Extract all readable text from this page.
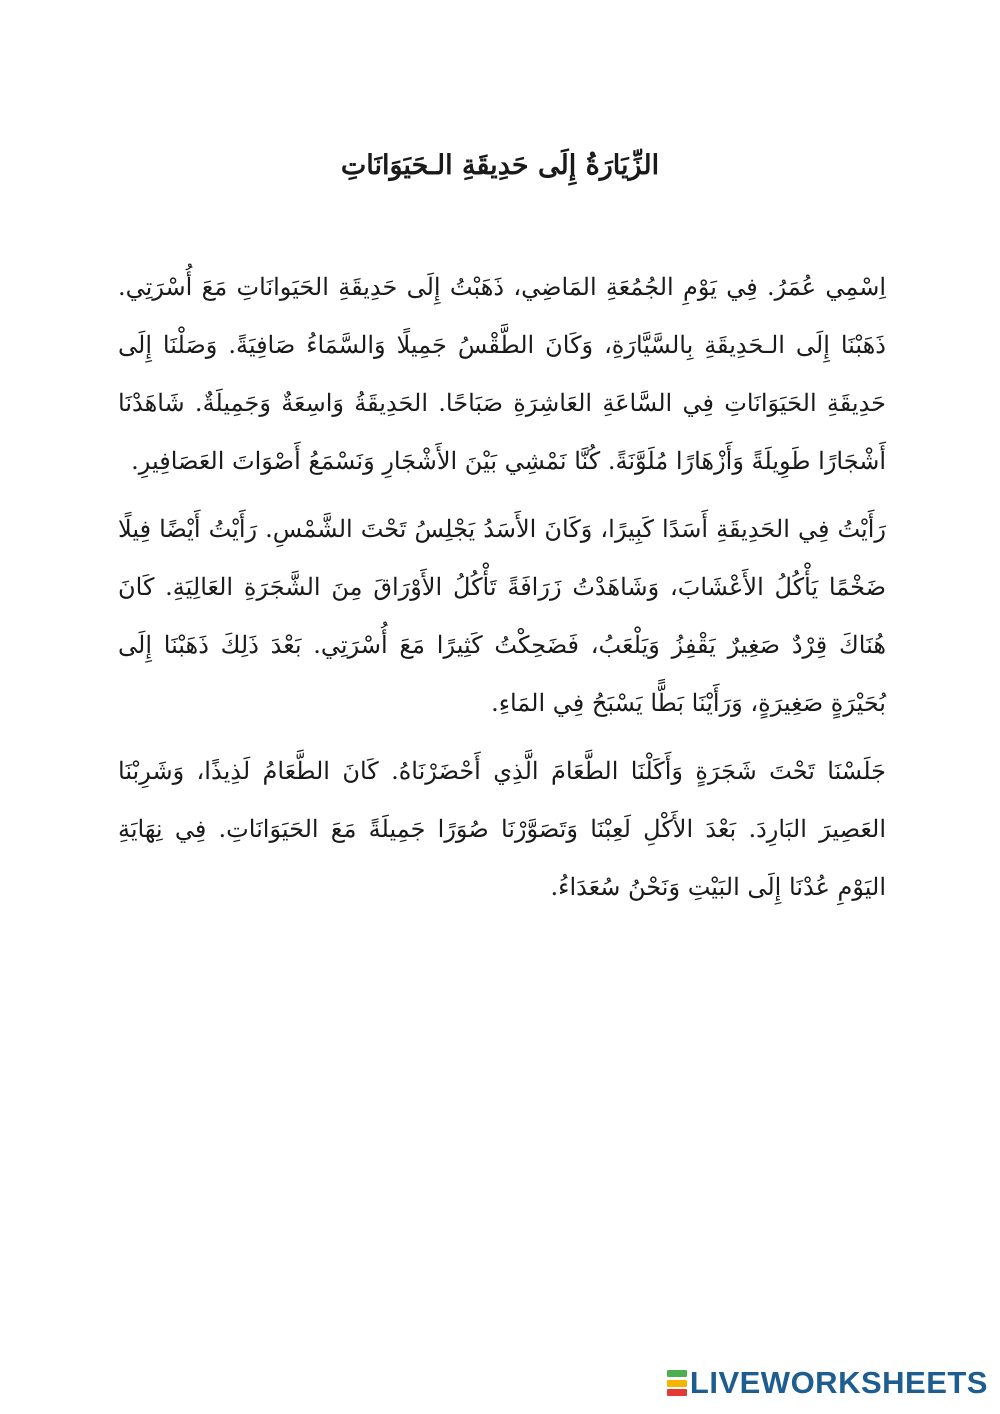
الزِّيَارَةُ إِلَى حَدِيقَةِ الـحَيَوَانَاتِ

اِسْمِي عُمَرُ. فِي يَوْمِ الجُمُعَةِ المَاضِي، ذَهَبْتُ إِلَى حَدِيقَةِ الحَيَوانَاتِ مَعَ أُسْرَتِي. ذَهَبْنَا إِلَى الـحَدِيقَةِ بِالسَّيَّارَةِ، وَكَانَ الطَّقْسُ جَمِيلًا وَالسَّمَاءُ صَافِيَةً. وَصَلْنَا إِلَى حَدِيقَةِ الحَيَوَانَاتِ فِي السَّاعَةِ العَاشِرَةِ صَبَاحًا. الحَدِيقَةُ وَاسِعَةٌ وَجَمِيلَةٌ. شَاهَدْنَا أَشْجَارًا طَوِيلَةً وَأَزْهَارًا مُلَوَّنَةً. كُنَّا نَمْشِي بَيْنَ الأَشْجَارِ وَنَسْمَعُ أَصْوَاتَ العَصَافِيرِ.

رَأَيْتُ فِي الحَدِيقَةِ أَسَدًا كَبِيرًا، وَكَانَ الأَسَدُ يَجْلِسُ تَحْتَ الشَّمْسِ. رَأَيْتُ أَيْضًا فِيلًا ضَخْمًا يَأْكُلُ الأَعْشَابَ، وَشَاهَدْتُ زَرَافَةً تَأْكُلُ الأَوْرَاقَ مِنَ الشَّجَرَةِ العَالِيَةِ. كَانَ هُنَاكَ قِرْدٌ صَغِيرٌ يَقْفِزُ وَيَلْعَبُ، فَضَحِكْتُ كَثِيرًا مَعَ أُسْرَتِي. بَعْدَ ذَلِكَ ذَهَبْنَا إِلَى بُحَيْرَةٍ صَغِيرَةٍ، وَرَأَيْنَا بَطًّا يَسْبَحُ فِي المَاءِ.

جَلَسْنَا تَحْتَ شَجَرَةٍ وَأَكَلْنَا الطَّعَامَ الَّذِي أَحْضَرْنَاهُ. كَانَ الطَّعَامُ لَذِيذًا، وَشَرِبْنَا العَصِيرَ البَارِدَ. بَعْدَ الأَكْلِ لَعِبْنَا وَتَصَوَّرْنَا صُوَرًا جَمِيلَةً مَعَ الحَيَوَانَاتِ. فِي نِهَايَةِ اليَوْمِ عُدْنَا إِلَى البَيْتِ وَنَحْنُ سُعَدَاءُ.

LIVEWORKSHEETS
